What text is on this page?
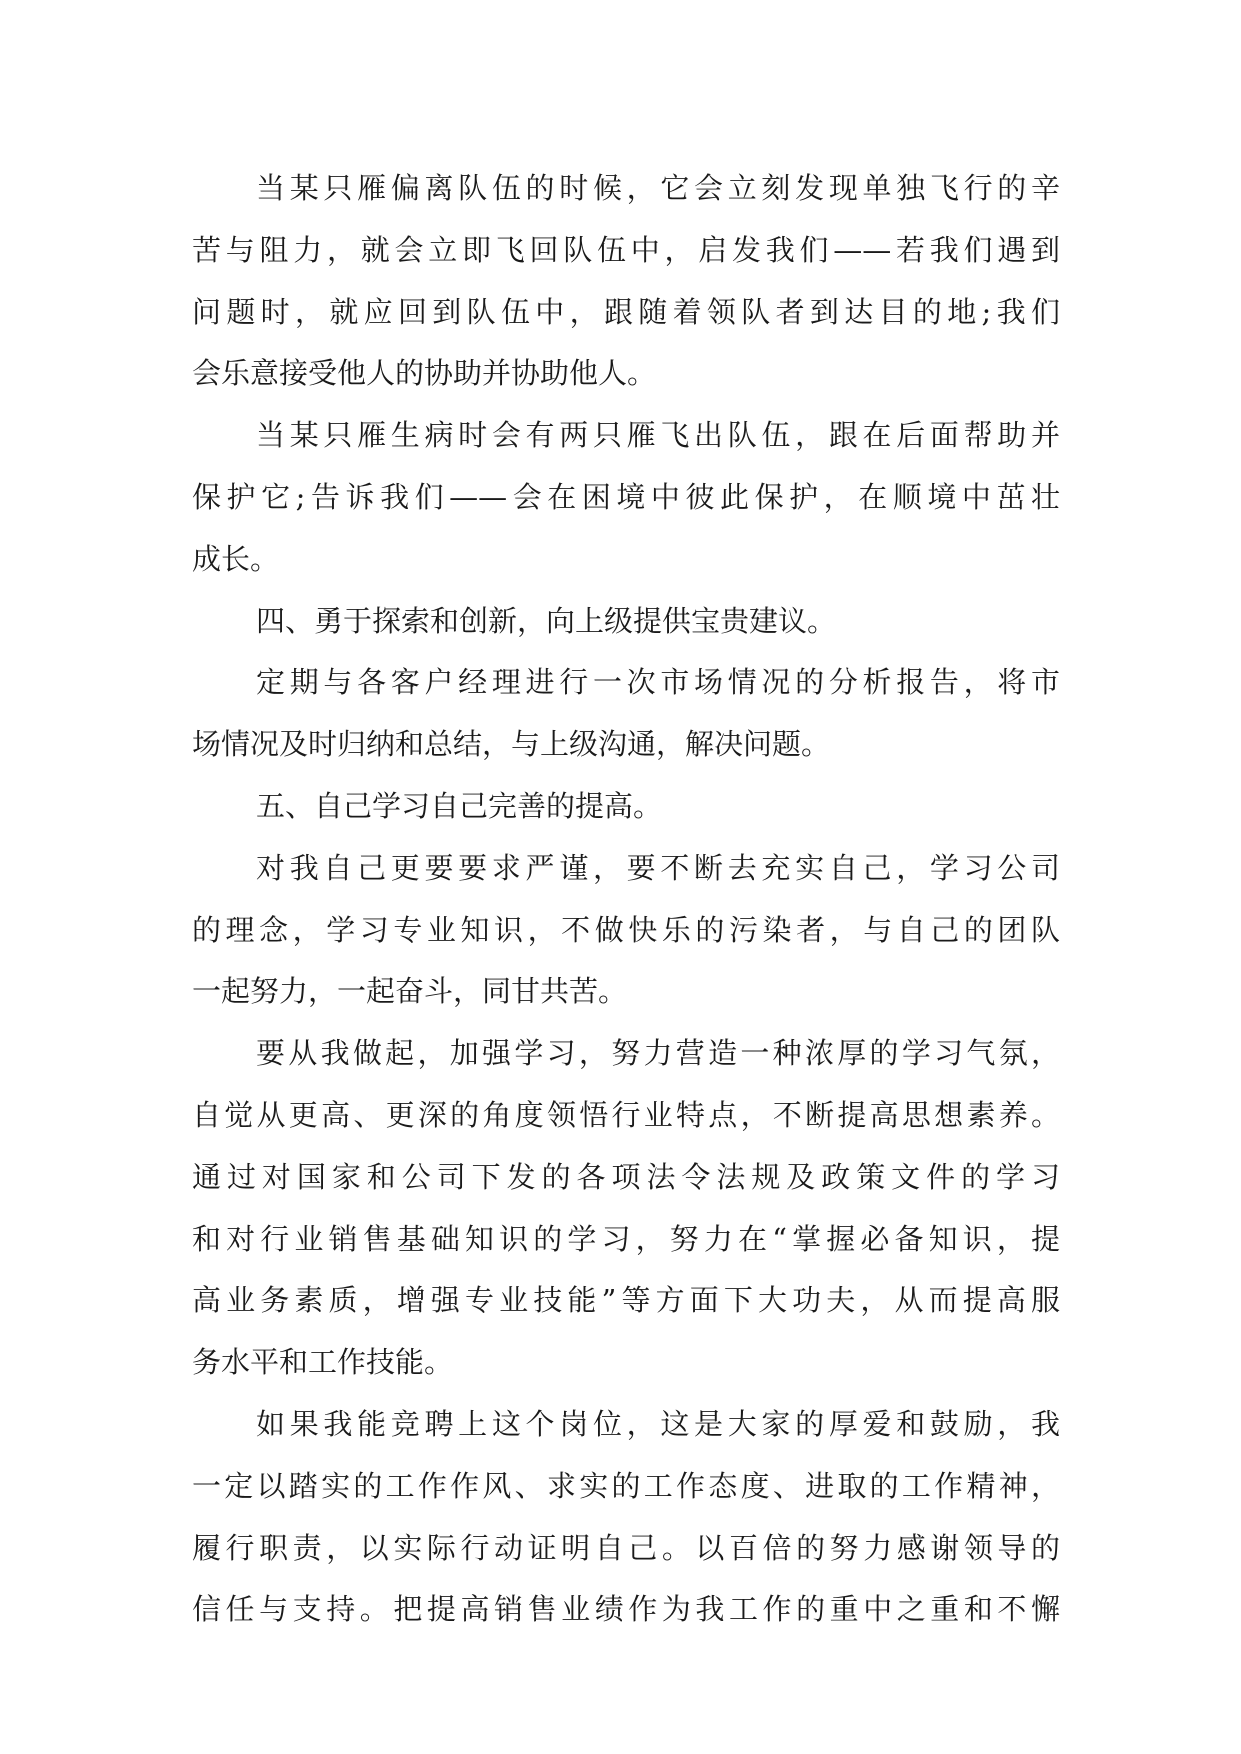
当某只雁偏离队伍的时候，它会立刻发现单独飞行的辛
苦与阻力，就会立即飞回队伍中，启发我们——若我们遇到
问题时，就应回到队伍中，跟随着领队者到达目的地;我们
会乐意接受他人的协助并协助他人。
当某只雁生病时会有两只雁飞出队伍，跟在后面帮助并
保护它;告诉我们——会在困境中彼此保护，在顺境中茁壮
成长。
四、勇于探索和创新，向上级提供宝贵建议。
定期与各客户经理进行一次市场情况的分析报告，将市
场情况及时归纳和总结，与上级沟通，解决问题。
五、自己学习自己完善的提高。
对我自己更要要求严谨，要不断去充实自己，学习公司
的理念，学习专业知识，不做快乐的污染者，与自己的团队
一起努力，一起奋斗，同甘共苦。
要从我做起，加强学习，努力营造一种浓厚的学习气氛，
自觉从更高、更深的角度领悟行业特点，不断提高思想素养。
通过对国家和公司下发的各项法令法规及政策文件的学习
和对行业销售基础知识的学习，努力在“掌握必备知识，提
高业务素质，增强专业技能”等方面下大功夫，从而提高服
务水平和工作技能。
如果我能竞聘上这个岗位，这是大家的厚爱和鼓励，我
一定以踏实的工作作风、求实的工作态度、进取的工作精神，
履行职责，以实际行动证明自己。以百倍的努力感谢领导的
信任与支持。把提高销售业绩作为我工作的重中之重和不懈
